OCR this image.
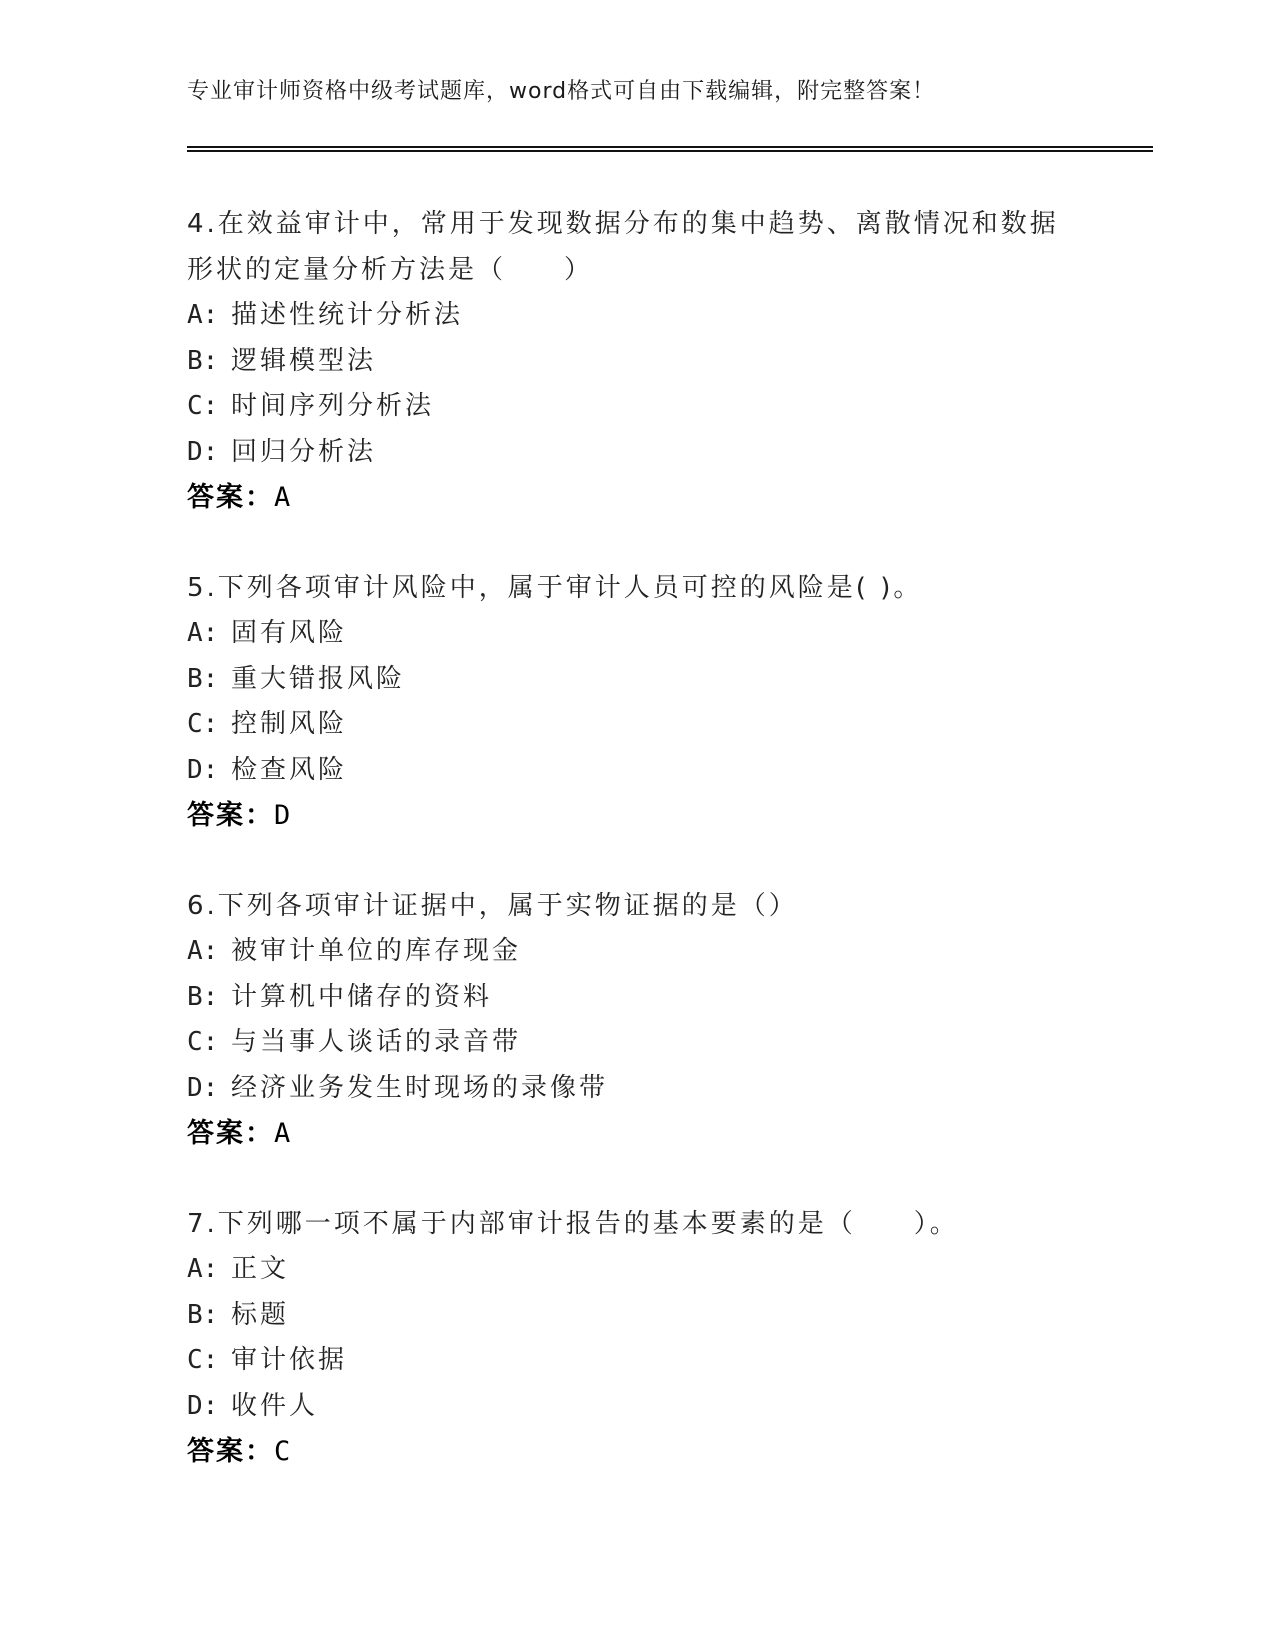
专业审计师资格中级考试题库，word格式可自由下载编辑，附完整答案！
4.在效益审计中，常用于发现数据分布的集中趋势、离散情况和数据形状的定量分析方法是（　　）
A: 描述性统计分析法
B: 逻辑模型法
C: 时间序列分析法
D: 回归分析法
答案：A
5.下列各项审计风险中，属于审计人员可控的风险是( )。
A: 固有风险
B: 重大错报风险
C: 控制风险
D: 检查风险
答案：D
6.下列各项审计证据中，属于实物证据的是（）
A: 被审计单位的库存现金
B: 计算机中储存的资料
C: 与当事人谈话的录音带
D: 经济业务发生时现场的录像带
答案：A
7.下列哪一项不属于内部审计报告的基本要素的是（　　）。
A: 正文
B: 标题
C: 审计依据
D: 收件人
答案：C
